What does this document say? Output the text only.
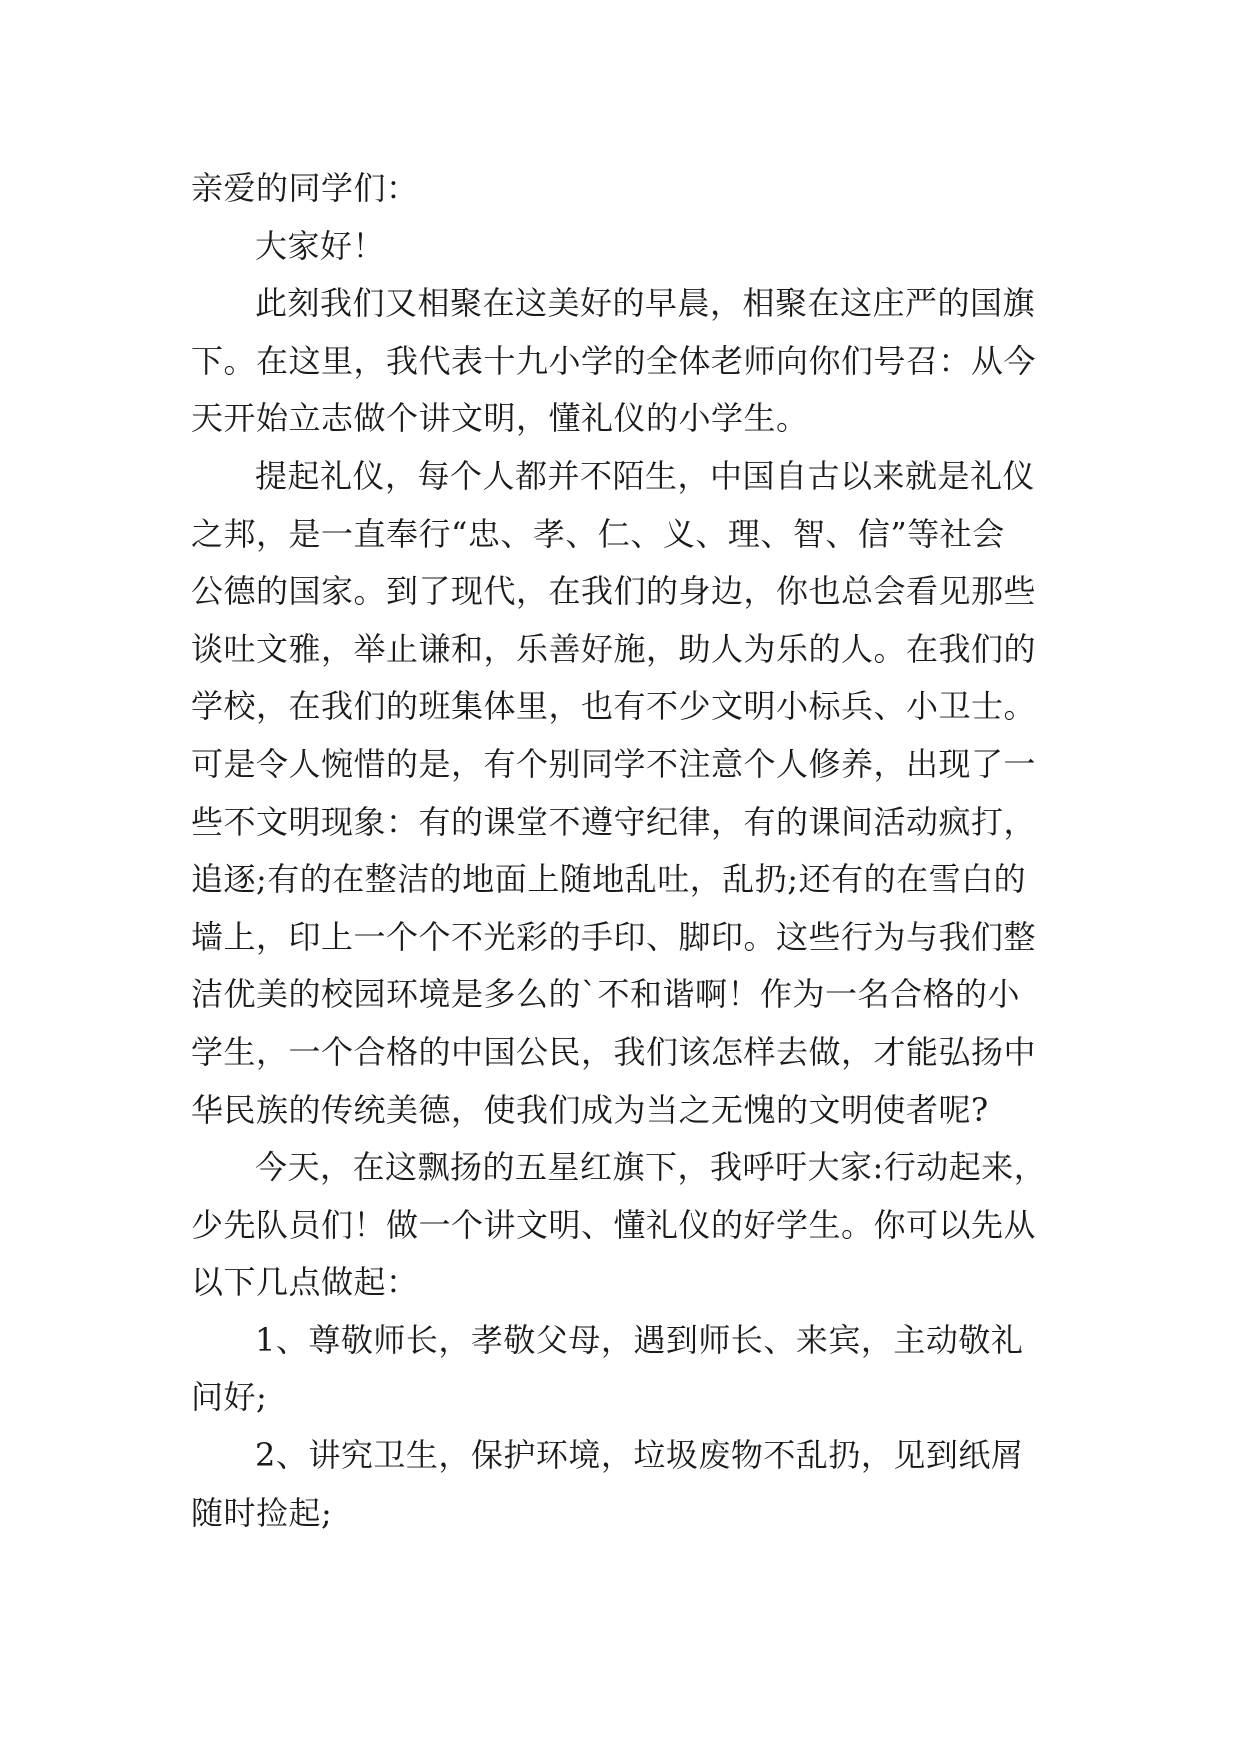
亲爱的同学们：
大家好！
此刻我们又相聚在这美好的早晨，相聚在这庄严的国旗
下。在这里，我代表十九小学的全体老师向你们号召：从今
天开始立志做个讲文明，懂礼仪的小学生。
提起礼仪，每个人都并不陌生，中国自古以来就是礼仪
之邦，是一直奉行“忠、孝、仁、义、理、智、信”等社会
公德的国家。到了现代，在我们的身边，你也总会看见那些
谈吐文雅，举止谦和，乐善好施，助人为乐的人。在我们的
学校，在我们的班集体里，也有不少文明小标兵、小卫士。
可是令人惋惜的是，有个别同学不注意个人修养，出现了一
些不文明现象：有的课堂不遵守纪律，有的课间活动疯打，
追逐;有的在整洁的地面上随地乱吐，乱扔;还有的在雪白的
墙上，印上一个个不光彩的手印、脚印。这些行为与我们整
洁优美的校园环境是多么的`不和谐啊！作为一名合格的小
学生，一个合格的中国公民，我们该怎样去做，才能弘扬中
华民族的传统美德，使我们成为当之无愧的文明使者呢?
今天，在这飘扬的五星红旗下，我呼吁大家:行动起来，
少先队员们！做一个讲文明、懂礼仪的好学生。你可以先从
以下几点做起：
1、尊敬师长，孝敬父母，遇到师长、来宾，主动敬礼
问好;
2、讲究卫生，保护环境，垃圾废物不乱扔，见到纸屑
随时捡起;
